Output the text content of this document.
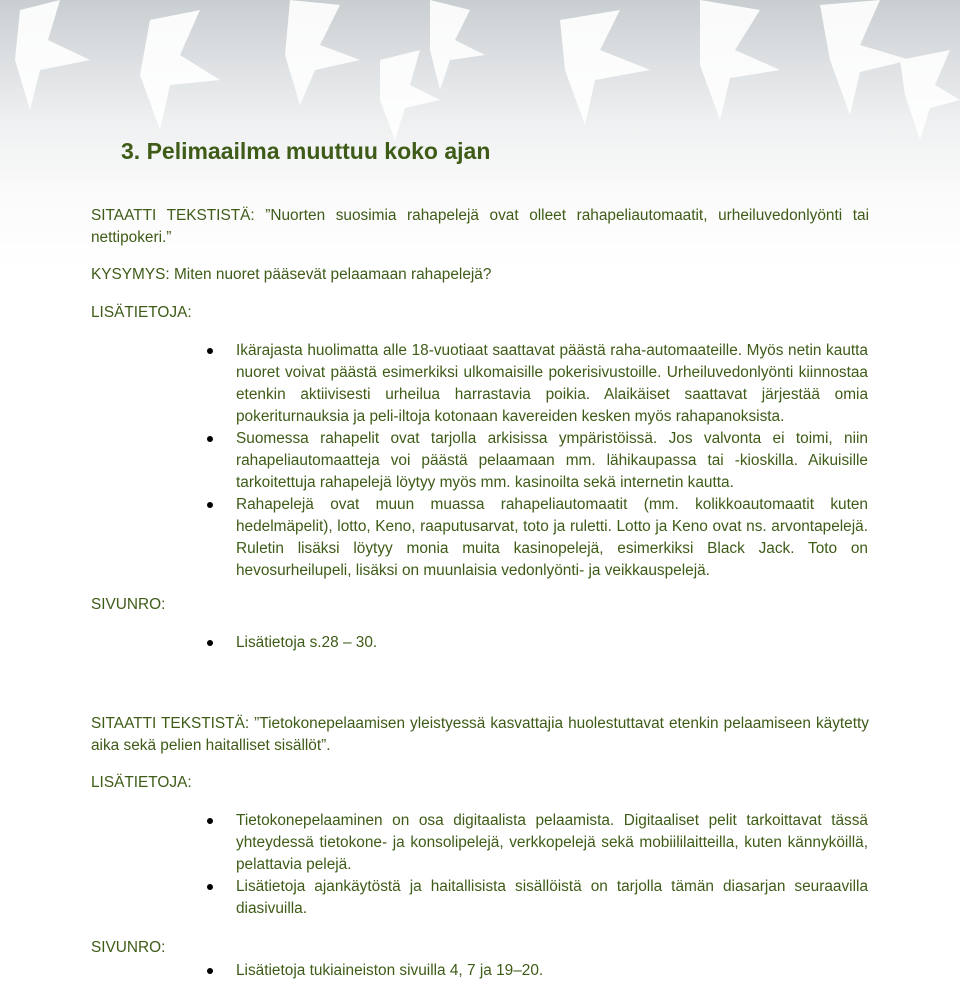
3. Pelimaailma muuttuu koko ajan

SITAATTI TEKSTISTÄ: ”Nuorten suosimia rahapelejä ovat olleet rahapeliautomaatit, urheiluvedonlyönti tai nettipokeri.”

KYSYMYS: Miten nuoret pääsevät pelaamaan rahapelejä?

LISÄTIETOJA:

Ikärajasta huolimatta alle 18-vuotiaat saattavat päästä raha-automaateille. Myös netin kautta nuoret voivat päästä esimerkiksi ulkomaisille pokerisivustoille. Urheiluvedonlyönti kiinnostaa etenkin aktiivisesti urheilua harrastavia poikia. Alaikäiset saattavat järjestää omia pokeriturnauksia ja peli-iltoja kotonaan kavereiden kesken myös rahapanoksista.
Suomessa rahapelit ovat tarjolla arkisissa ympäristöissä. Jos valvonta ei toimi, niin rahapeliautomaatteja voi päästä pelaamaan mm. lähikaupassa tai -kioskilla. Aikuisille tarkoitettuja rahapelejä löytyy myös mm. kasinoilta sekä internetin kautta.
Rahapelejä ovat muun muassa rahapeliautomaatit (mm. kolikkoautomaatit kuten hedelmäpelit), lotto, Keno, raaputusarvat, toto ja ruletti. Lotto ja Keno ovat ns. arvontapelejä. Ruletin lisäksi löytyy monia muita kasinopelejä, esimerkiksi Black Jack. Toto on hevosurheilupeli, lisäksi on muunlaisia vedonlyönti- ja veikkauspelejä.

SIVUNRO:

Lisätietoja s.28 – 30.

SITAATTI TEKSTISTÄ: ”Tietokonepelaamisen yleistyessä kasvattajia huolestuttavat etenkin pelaamiseen käytetty aika sekä pelien haitalliset sisällöt”.

LISÄTIETOJA:

Tietokonepelaaminen on osa digitaalista pelaamista. Digitaaliset pelit tarkoittavat tässä yhteydessä tietokone- ja konsolipelejä, verkkopelejä sekä mobiililaitteilla, kuten kännyköillä, pelattavia pelejä.
Lisätietoja ajankäytöstä ja haitallisista sisällöistä on tarjolla tämän diasarjan seuraavilla diasivuilla.

SIVUNRO:

Lisätietoja tukiaineiston sivuilla 4, 7 ja 19–20.
